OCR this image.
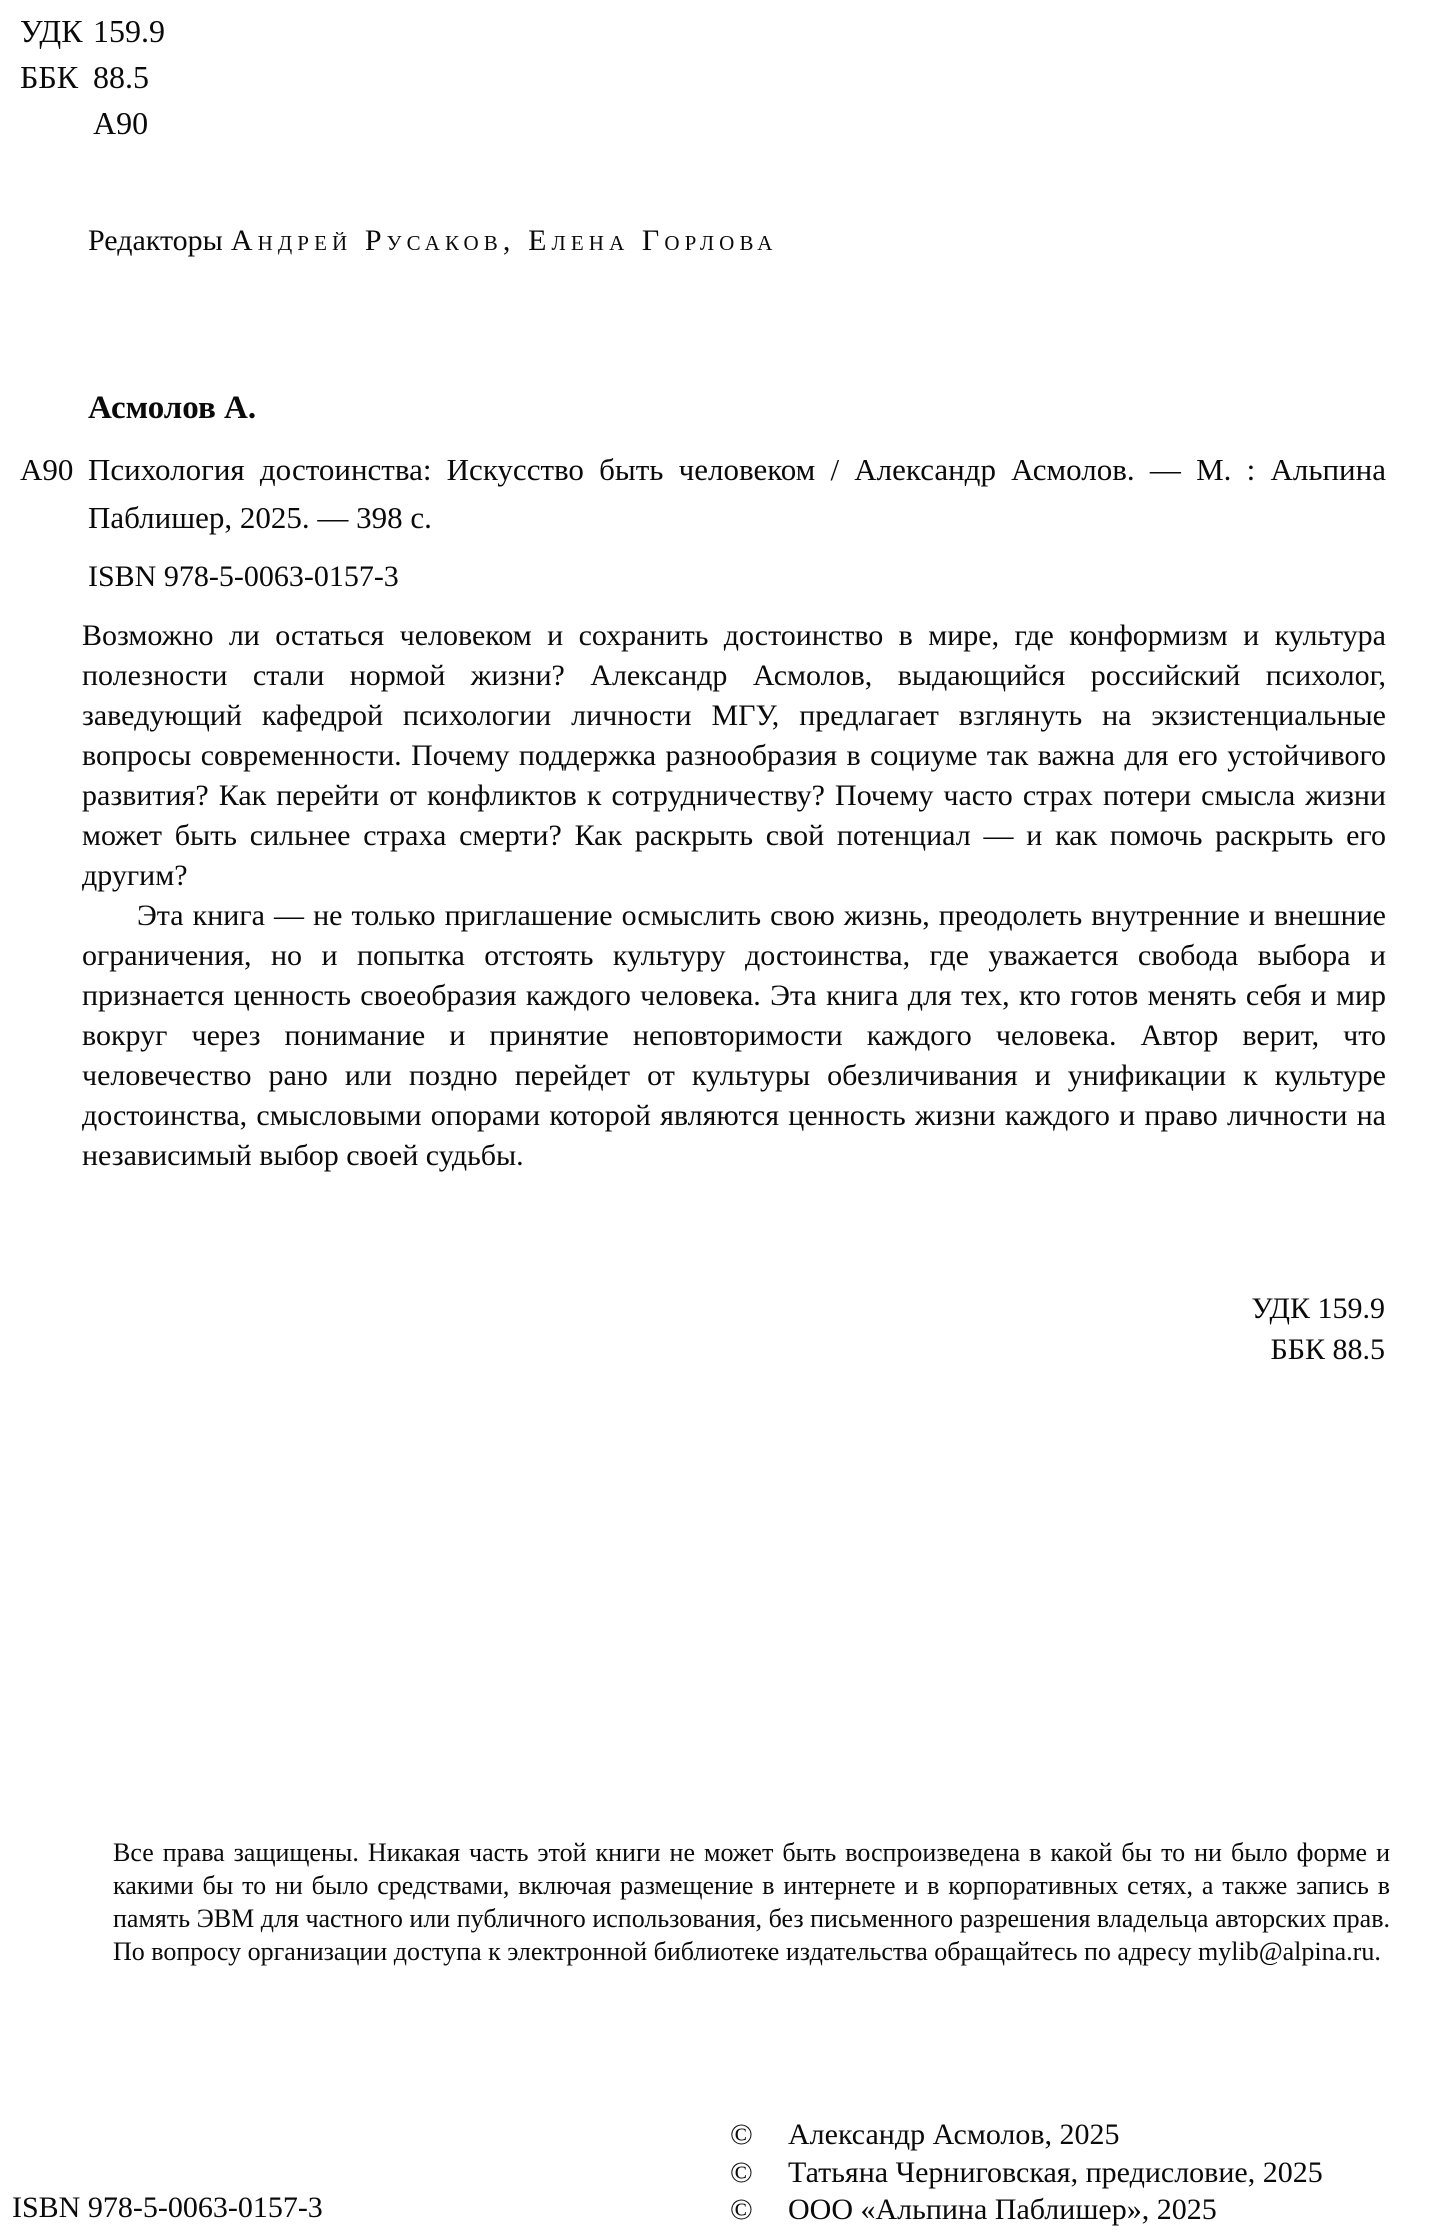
УДК 159.9
ББК 88.5
А90
Редакторы Андрей Русаков, Елена Горлова
Асмолов А.
А90 Психология достоинства: Искусство быть человеком / Александр Асмолов. — М. : Альпина Паблишер, 2025. — 398 с.
ISBN 978-5-0063-0157-3

Возможно ли остаться человеком и сохранить достоинство в мире, где конформизм и культура полезности стали нормой жизни? Александр Асмолов, выдающийся российский психолог, заведующий кафедрой психологии личности МГУ, предлагает взглянуть на экзистенциальные вопросы современности. Почему поддержка разнообразия в социуме так важна для его устойчивого развития? Как перейти от конфликтов к сотрудничеству? Почему часто страх потери смысла жизни может быть сильнее страха смерти? Как раскрыть свой потенциал — и как помочь раскрыть его другим?

Эта книга — не только приглашение осмыслить свою жизнь, преодолеть внутренние и внешние ограничения, но и попытка отстоять культуру достоинства, где уважается свобода выбора и признается ценность своеобразия каждого человека. Эта книга для тех, кто готов менять себя и мир вокруг через понимание и принятие неповторимости каждого человека. Автор верит, что человечество рано или поздно перейдет от культуры обезличивания и унификации к культуре достоинства, смысловыми опорами которой являются ценность жизни каждого и право личности на независимый выбор своей судьбы.

УДК 159.9
ББК 88.5
Все права защищены. Никакая часть этой книги не может быть воспроизведена в какой бы то ни было форме и какими бы то ни было средствами, включая размещение в интернете и в корпоративных сетях, а также запись в память ЭВМ для частного или публичного использования, без письменного разрешения владельца авторских прав. По вопросу организации доступа к электронной библиотеке издательства обращайтесь по адресу mylib@alpina.ru.
©	Александр Асмолов, 2025
©	Татьяна Черниговская, предисловие, 2025
©	ООО «Альпина Паблишер», 2025
ISBN 978-5-0063-0157-3
